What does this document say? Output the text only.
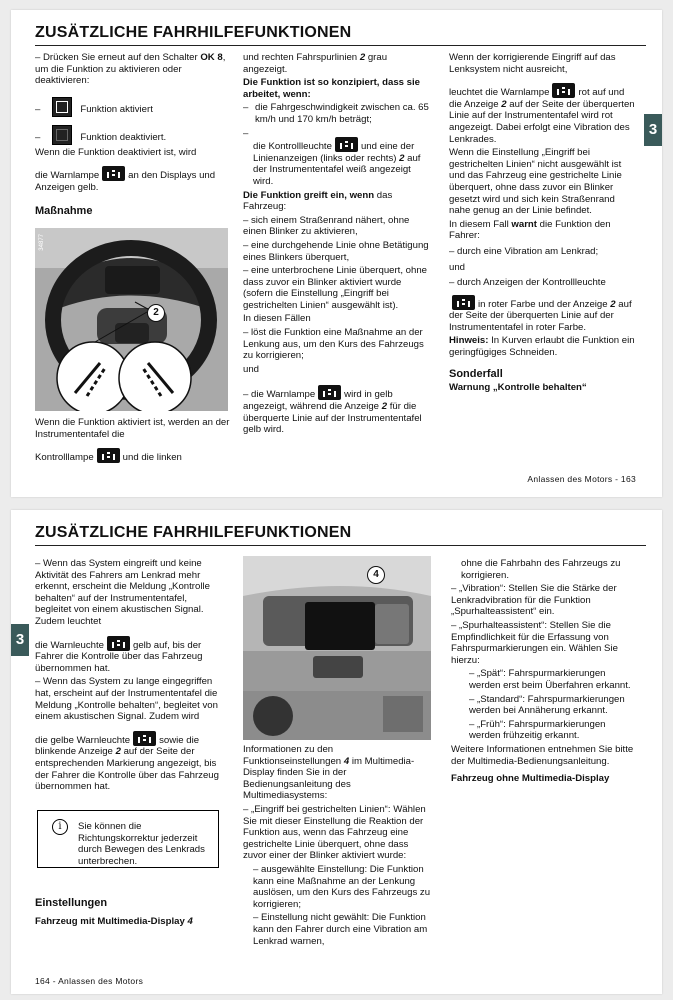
ZUSÄTZLICHE FAHRHILFEFUNKTIONEN
3

– Drücken Sie erneut auf den Schalter OK 8, um die Funktion zu aktivieren oder deaktivieren:

–	Funktion aktiviert

–	Funktion deaktiviert.

Wenn die Funktion deaktiviert ist, wird

die Warnlampe	an den Displays und Anzeigen gelb.

Maßnahme

2
34877

Wenn die Funktion aktiviert ist, werden an der Instrumententafel die

Kontrolllampe	und die linken

und rechten Fahrspurlinien 2 grau angezeigt.

Die Funktion ist so konzipiert, dass sie arbeitet, wenn:

– die Fahrgeschwindigkeit zwischen ca. 65 km/h und 170 km/h beträgt;

–

die Kontrollleuchte	und eine der Linienanzeigen (links oder rechts) 2 auf der Instrumententafel weiß angezeigt wird.

Die Funktion greift ein, wenn das Fahrzeug:

– sich einem Straßenrand nähert, ohne einen Blinker zu aktivieren,

– eine durchgehende Linie ohne Betätigung eines Blinkers überquert,

– eine unterbrochene Linie überquert, ohne dass zuvor ein Blinker aktiviert wurde (sofern die Einstellung „Eingriff bei gestrichelten Linien“ ausgewählt ist).

In diesen Fällen

– löst die Funktion eine Maßnahme an der Lenkung aus, um den Kurs des Fahrzeugs zu korrigieren;

und

– die Warnlampe	wird in gelb angezeigt, während die Anzeige 2 für die überquerte Linie auf der Instrumententafel gelb wird.

Wenn der korrigierende Eingriff auf das Lenksystem nicht ausreicht,

leuchtet die Warnlampe	rot auf und die Anzeige 2 auf der Seite der überquerten Linie auf der Instrumententafel wird rot angezeigt. Dabei erfolgt eine Vibration des Lenkrades.

Wenn die Einstellung „Eingriff bei gestrichelten Linien“ nicht ausgewählt ist und das Fahrzeug eine gestrichelte Linie überquert, ohne dass zuvor ein Blinker gesetzt wird und sich kein Straßenrand nahe genug an der Linie befindet.

In diesem Fall warnt die Funktion den Fahrer:

– durch eine Vibration am Lenkrad;

und

– durch Anzeigen der Kontrollleuchte

in roter Farbe und der Anzeige 2 auf der Seite der überquerten Linie auf der Instrumententafel in roter Farbe.

Hinweis: In Kurven erlaubt die Funktion ein geringfügiges Schneiden.

Sonderfall

Warnung „Kontrolle behalten“

Anlassen des Motors - 163
ZUSÄTZLICHE FAHRHILFEFUNKTIONEN
3

– Wenn das System eingreift und keine Aktivität des Fahrers am Lenkrad mehr erkennt, erscheint die Meldung „Kontrolle behalten“ auf der Instrumententafel, begleitet von einem akustischen Signal. Zudem leuchtet

die Warnleuchte	gelb auf, bis der Fahrer die Kontrolle über das Fahrzeug übernommen hat.

– Wenn das System zu lange eingegriffen hat, erscheint auf der Instrumententafel die Meldung „Kontrolle behalten“, begleitet von einem akustischen Signal. Zudem wird

die gelbe Warnleuchte	sowie die blinkende Anzeige 2 auf der Seite der entsprechenden Markierung angezeigt, bis der Fahrer die Kontrolle über das Fahrzeug übernommen hat.

i	Sie können die Richtungskorrektur jederzeit durch Bewegen des Lenkrads unterbrechen.

Einstellungen

Fahrzeug mit Multimedia-Display 4

4

Informationen zu den Funktionseinstellungen 4 im Multimedia-Display finden Sie in der Bedienungsanleitung des Multimediasystems:

– „Eingriff bei gestrichelten Linien“: Wählen Sie mit dieser Einstellung die Reaktion der Funktion aus, wenn das Fahrzeug eine gestrichelte Linie überquert, ohne dass zuvor einer der Blinker aktiviert wurde:

– ausgewählte Einstellung: Die Funktion kann eine Maßnahme an der Lenkung auslösen, um den Kurs des Fahrzeugs zu korrigieren;

– Einstellung nicht gewählt: Die Funktion kann den Fahrer durch eine Vibration am Lenkrad warnen,

ohne die Fahrbahn des Fahrzeugs zu korrigieren.

– „Vibration“: Stellen Sie die Stärke der Lenkradvibration für die Funktion „Spurhalteassistent“ ein.

– „Spurhalteassistent“: Stellen Sie die Empfindlichkeit für die Erfassung von Fahrspurmarkierungen ein. Wählen Sie hierzu:

– „Spät“: Fahrspurmarkierungen werden erst beim Überfahren erkannt.

– „Standard“: Fahrspurmarkierungen werden bei Annäherung erkannt.

– „Früh“: Fahrspurmarkierungen werden frühzeitig erkannt.

Weitere Informationen entnehmen Sie bitte der Multimedia-Bedienungsanleitung.

Fahrzeug ohne Multimedia-Display

164 - Anlassen des Motors
